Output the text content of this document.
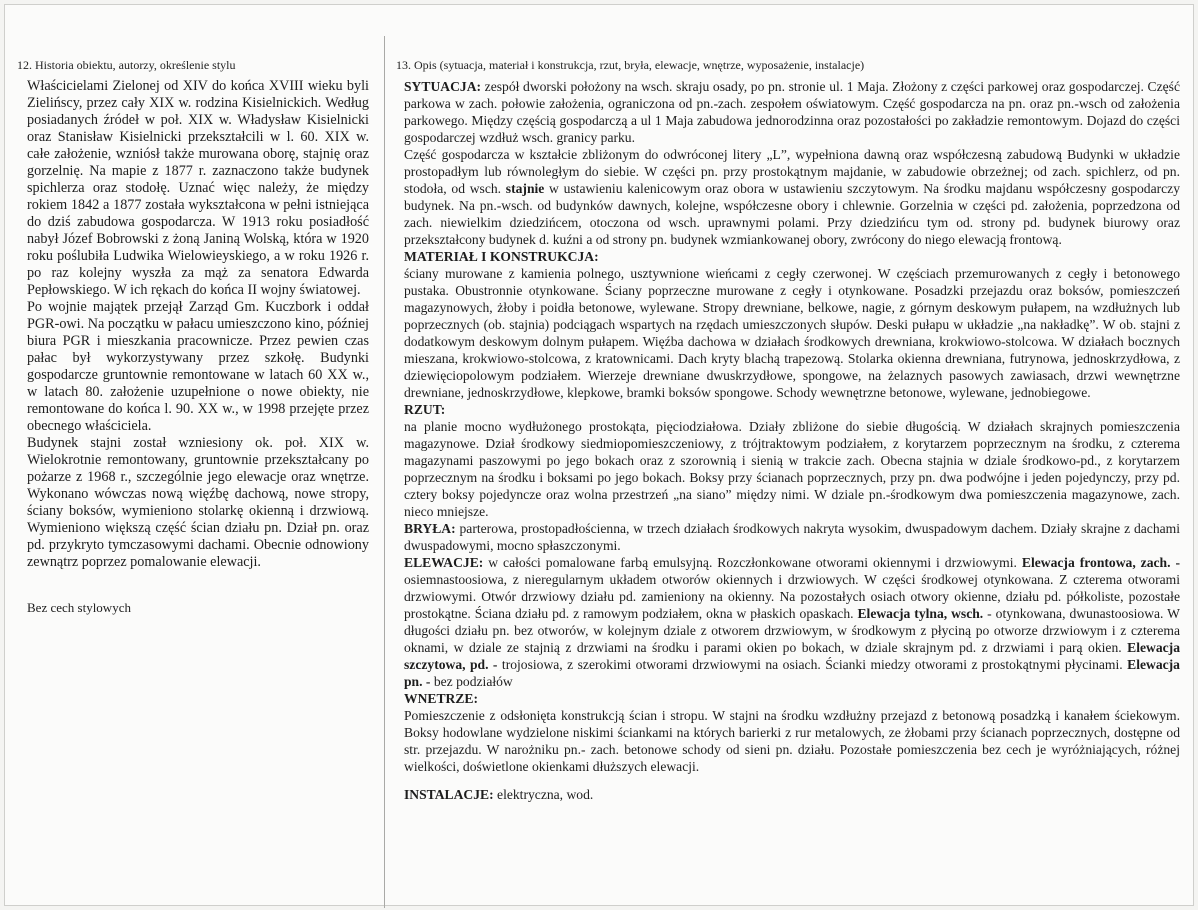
12. Historia obiektu, autorzy, określenie stylu
Właścicielami Zielonej od XIV do końca XVIII wieku byli Zielińscy, przez cały XIX w. rodzina Kisielnickich. Według posiadanych źródeł w poł. XIX w. Władysław Kisielnicki oraz Stanisław Kisielnicki przekształcili w l. 60. XIX w. całe założenie, wzniósł także murowana oborę, stajnię oraz gorzelnię. Na mapie z 1877 r. zaznaczono także budynek spichlerza oraz stodołę. Uznać więc należy, że między rokiem 1842 a 1877 została wykształcona w pełni istniejąca do dziś zabudowa gospodarcza. W 1913 roku posiadłość nabył Józef Bobrowski z żoną Janiną Wolską, która w 1920 roku poślubiła Ludwika Wielowieyskiego, a w roku 1926 r. po raz kolejny wyszła za mąż za senatora Edwarda Pepłowskiego. W ich rękach do końca II wojny światowej.
Po wojnie majątek przejął Zarząd Gm. Kuczbork i oddał PGR-owi. Na początku w pałacu umieszczono kino, później biura PGR i mieszkania pracownicze. Przez pewien czas pałac był wykorzystywany przez szkołę. Budynki gospodarcze gruntownie remontowane w latach 60 XX w., w latach 80. założenie uzupełnione o nowe obiekty, nie remontowane do końca l. 90. XX w., w 1998 przejęte przez obecnego właściciela.
Budynek stajni został wzniesiony ok. poł. XIX w. Wielokrotnie remontowany, gruntownie przekształcany po pożarze z 1968 r., szczególnie jego elewacje oraz wnętrze. Wykonano wówczas nową więźbę dachową, nowe stropy, ściany boksów, wymieniono stolarkę okienną i drzwiową. Wymieniono większą część ścian działu pn. Dział pn. oraz pd. przykryto tymczasowymi dachami. Obecnie odnowiony zewnątrz poprzez pomalowanie elewacji.
Bez cech stylowych
13. Opis (sytuacja, materiał i konstrukcja, rzut, bryła, elewacje, wnętrze, wyposażenie, instalacje)
SYTUACJA: zespół dworski położony na wsch. skraju osady, po pn. stronie ul. 1 Maja. Złożony z części parkowej oraz gospodarczej. Część parkowa w zach. połowie założenia, ograniczona od pn.-zach. zespołem oświatowym. Część gospodarcza na pn. oraz pn.-wsch od założenia parkowego. Między częścią gospodarczą a ul 1 Maja zabudowa jednorodzinna oraz pozostałości po zakładzie remontowym. Dojazd do części gospodarczej wzdłuż wsch. granicy parku.
Część gospodarcza w kształcie zbliżonym do odwróconej litery „L”, wypełniona dawną oraz współczesną zabudową Budynki w układzie prostopadłym lub równoległym do siebie. W części pn. przy prostokątnym majdanie, w zabudowie obrzeżnej; od zach. spichlerz, od pn. stodoła, od wsch. stajnie w ustawieniu kalenicowym oraz obora w ustawieniu szczytowym. Na środku majdanu współczesny gospodarczy budynek. Na pn.-wsch. od budynków dawnych, kolejne, współczesne obory i chlewnie. Gorzelnia w części pd. założenia, poprzedzona od zach. niewielkim dziedzińcem, otoczona od wsch. uprawnymi polami. Przy dziedzińcu tym od. strony pd. budynek biurowy oraz przekształcony budynek d. kuźni a od strony pn. budynek wzmiankowanej obory, zwrócony do niego elewacją frontową.
MATERIAŁ I KONSTRUKCJA:
ściany murowane z kamienia polnego, usztywnione wieńcami z cegły czerwonej. W częściach przemurowanych z cegły i betonowego pustaka. Obustronnie otynkowane. Ściany poprzeczne murowane z cegły i otynkowane. Posadzki przejazdu oraz boksów, pomieszczeń magazynowych, żłoby i poidła betonowe, wylewane. Stropy drewniane, belkowe, nagie, z górnym deskowym pułapem, na wzdłużnych lub poprzecznych (ob. stajnia) podciągach wspartych na rzędach umieszczonych słupów. Deski pułapu w układzie „na nakładkę”. W ob. stajni z dodatkowym deskowym dolnym pułapem. Więźba dachowa w działach środkowych drewniana, krokwiowo-stolcowa. W działach bocznych mieszana, krokwiowo-stolcowa, z kratownicami. Dach kryty blachą trapezową. Stolarka okienna drewniana, futrynowa, jednoskrzydłowa, z dziewięciopolowym podziałem. Wierzeje drewniane dwuskrzydłowe, spongowe, na żelaznych pasowych zawiasach, drzwi wewnętrzne drewniane, jednoskrzydłowe, klepkowe, bramki boksów spongowe. Schody wewnętrzne betonowe, wylewane, jednobiegowe.
RZUT:
na planie mocno wydłużonego prostokąta, pięciodziałowa. Działy zbliżone do siebie długością. W działach skrajnych pomieszczenia magazynowe. Dział środkowy siedmiopomieszczeniowy, z trójtraktowym podziałem, z korytarzem poprzecznym na środku, z czterema magazynami paszowymi po jego bokach oraz z szorownią i sienią w trakcie zach. Obecna stajnia w dziale środkowo-pd., z korytarzem poprzecznym na środku i boksami po jego bokach. Boksy przy ścianach poprzecznych, przy pn. dwa podwójne i jeden pojedynczy, przy pd. cztery boksy pojedyncze oraz wolna przestrzeń „na siano” między nimi. W dziale pn.-środkowym dwa pomieszczenia magazynowe, zach. nieco mniejsze.
BRYŁA: parterowa, prostopadłościenna, w trzech działach środkowych nakryta wysokim, dwuspadowym dachem. Działy skrajne z dachami dwuspadowymi, mocno spłaszczonymi.
ELEWACJE: w całości pomalowane farbą emulsyjną. Rozczłonkowane otworami okiennymi i drzwiowymi. Elewacja frontowa, zach. - osiemnastoosiowa, z nieregularnym układem otworów okiennych i drzwiowych. W części środkowej otynkowana. Z czterema otworami drzwiowymi. Otwór drzwiowy działu pd. zamieniony na okienny. Na pozostałych osiach otwory okienne, działu pd. półkoliste, pozostałe prostokątne. Ściana działu pd. z ramowym podziałem, okna w płaskich opaskach. Elewacja tylna, wsch. - otynkowana, dwunastoosiowa. W długości działu pn. bez otworów, w kolejnym dziale z otworem drzwiowym, w środkowym z płyciną po otworze drzwiowym i z czterema oknami, w dziale ze stajnią z drzwiami na środku i parami okien po bokach, w dziale skrajnym pd. z drzwiami i parą okien. Elewacja szczytowa, pd. - trojosiowa, z szerokimi otworami drzwiowymi na osiach. Ścianki miedzy otworami z prostokątnymi płycinami. Elewacja pn. - bez podziałów
WNETRZE:
Pomieszczenie z odsłonięta konstrukcją ścian i stropu. W stajni na środku wzdłużny przejazd z betonową posadzką i kanałem ściekowym. Boksy hodowlane wydzielone niskimi ściankami na których barierki z rur metalowych, ze żłobami przy ścianach poprzecznych, dostępne od str. przejazdu. W narożniku pn.- zach. betonowe schody od sieni pn. działu. Pozostałe pomieszczenia bez cech je wyróżniających, różnej wielkości, doświetlone okienkami dłuższych elewacji.
INSTALACJE: elektryczna, wod.
